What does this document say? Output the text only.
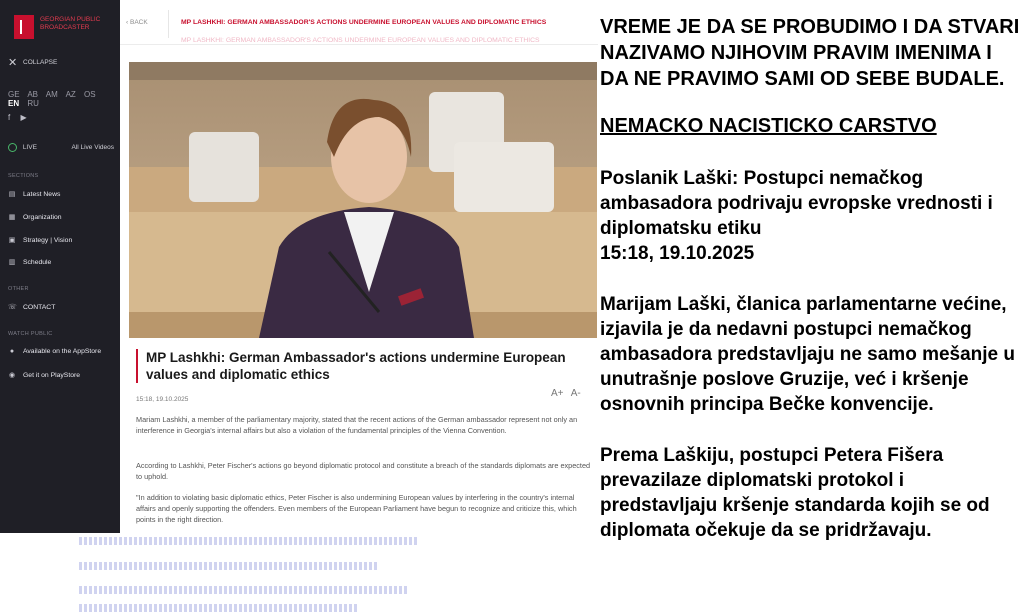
GEORGIAN PUBLIC BROADCASTER
✕ COLLAPSE
GE AB AM AZ OS EN RU
f ▶
LIVE	All Live Videos
SECTIONS
▤ Latest News
▦ Organization
▣ Strategy | Vision
▥ Schedule
OTHER
☏ CONTACT
WATCH PUBLIC
● Available on the AppStore
◉ Get it on PlayStore
‹ BACK	MP LASHKHI: GERMAN AMBASSADOR'S ACTIONS UNDERMINE EUROPEAN VALUES AND DIPLOMATIC ETHICS
MP LASHKHI: GERMAN AMBASSADOR'S ACTIONS UNDERMINE EUROPEAN VALUES AND DIPLOMATIC ETHICS
MP Lashkhi: German Ambassador's actions undermine European values and diplomatic ethics
A+ A-
15:18, 19.10.2025
Mariam Lashkhi, a member of the parliamentary majority, stated that the recent actions of the German ambassador represent not only an interference in Georgia's internal affairs but also a violation of the fundamental principles of the Vienna Convention.
According to Lashkhi, Peter Fischer's actions go beyond diplomatic protocol and constitute a breach of the standards diplomats are expected to uphold.
"In addition to violating basic diplomatic ethics, Peter Fischer is also undermining European values by interfering in the country's internal affairs and openly supporting the offenders. Even members of the European Parliament have begun to recognize and criticize this, which points in the right direction.

VREME JE DA SE PROBUDIMO I DA STVARI NAZIVAMO NJIHOVIM PRAVIM IMENIMA I DA NE PRAVIMO SAMI OD SEBE BUDALE.

NEMACKO NACISTICKO CARSTVO

Poslanik Laški: Postupci nemačkog ambasadora podrivaju evropske vrednosti i diplomatsku etiku

15:18, 19.10.2025

Marijam Laški, članica parlamentarne većine, izjavila je da nedavni postupci nemačkog ambasadora predstavljaju ne samo mešanje u unutrašnje poslove Gruzije, već i kršenje osnovnih principa Bečke konvencije.

Prema Laškiju, postupci Petera Fišera prevazilaze diplomatski protokol i predstavljaju kršenje standarda kojih se od diplomata očekuje da se pridržavaju.
